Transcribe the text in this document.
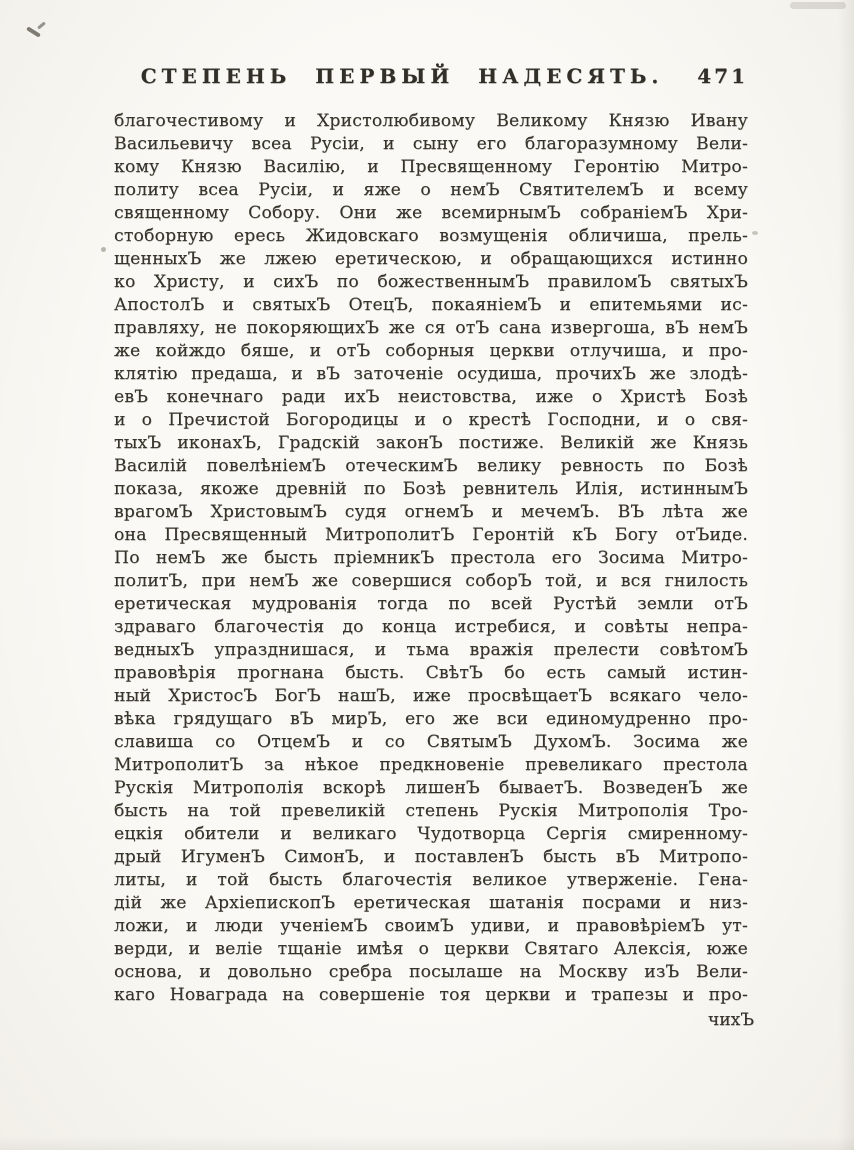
СТЕПЕНЬ ПЕРВЫЙ НАДЕСЯТЬ.	471
благочестивому и Христолюбивому Великому Князю Ивану
Васильевичу всеа Русіи, и сыну его благоразумному Вели-
кому Князю Василію, и Пресвященному Геронтію Митро-
политу всеа Русіи, и яже о немЪ СвятителемЪ и всему
священному Собору. Они же всемирнымЪ собраніемЪ Хри-
стоборную ересь Жидовскаго возмущенія обличиша, прель-
щенныхЪ же лжею еретическою, и обращающихся истинно
ко Христу, и сихЪ по божественнымЪ правиломЪ святыхЪ
АпостолЪ и святыхЪ ОтецЪ, покаяніемЪ и епитемьями ис-
правляху, не покоряющихЪ же ся отЪ сана извергоша, вЪ немЪ
же койждо бяше, и отЪ соборныя церкви отлучиша, и про-
клятію предаша, и вЪ заточеніе осудиша, прочихЪ же злодѣ-
евЪ конечнаго ради ихЪ неистовства, иже о Христѣ Бозѣ
и о Пречистой Богородицы и о крестѣ Господни, и о свя-
тыхЪ иконахЪ, Градскій законЪ постиже. Великій же Князь
Василій повелѣніемЪ отеческимЪ велику ревность по Бозѣ
показа, якоже древній по Бозѣ ревнитель Илія, истиннымЪ
врагомЪ ХристовымЪ судя огнемЪ и мечемЪ. ВЪ лѣта же
она Пресвященный МитрополитЪ Геронтій кЪ Богу отЪиде.
По немЪ же бысть пріемникЪ престола его Зосима Митро-
политЪ, при немЪ же совершися соборЪ той, и вся гнилость
еретическая мудрованія тогда по всей Рустѣй земли отЪ
здраваго благочестія до конца истребися, и совѣты непра-
ведныхЪ упразднишася, и тьма вражія прелести совѣтомЪ
правовѣрія прогнана бысть. СвѣтЪ бо есть самый истин-
ный ХристосЪ БогЪ нашЪ, иже просвѣщаетЪ всякаго чело-
вѣка грядущаго вЪ мирЪ, его же вси единомудренно про-
славиша со ОтцемЪ и со СвятымЪ ДухомЪ. Зосима же
МитрополитЪ за нѣкое предкновеніе превеликаго престола
Рускія Митрополія вскорѣ лишенЪ бываетЪ. ВозведенЪ же
бысть на той превеликій степень Рускія Митрополія Тро-
ецкія обители и великаго Чудотворца Сергія смиренному-
дрый ИгуменЪ СимонЪ, и поставленЪ бысть вЪ Митропо-
литы, и той бысть благочестія великое утверженіе. Гена-
дій же АрхіепископЪ еретическая шатанія посрами и низ-
ложи, и люди ученіемЪ своимЪ удиви, и правовѣріемЪ ут-
верди, и веліе тщаніе имѣя о церкви Святаго Алексія, юже
основа, и довольно сребра посылаше на Москву изЪ Вели-
каго Новаграда на совершеніе тоя церкви и трапезы и про-
чихЪ
